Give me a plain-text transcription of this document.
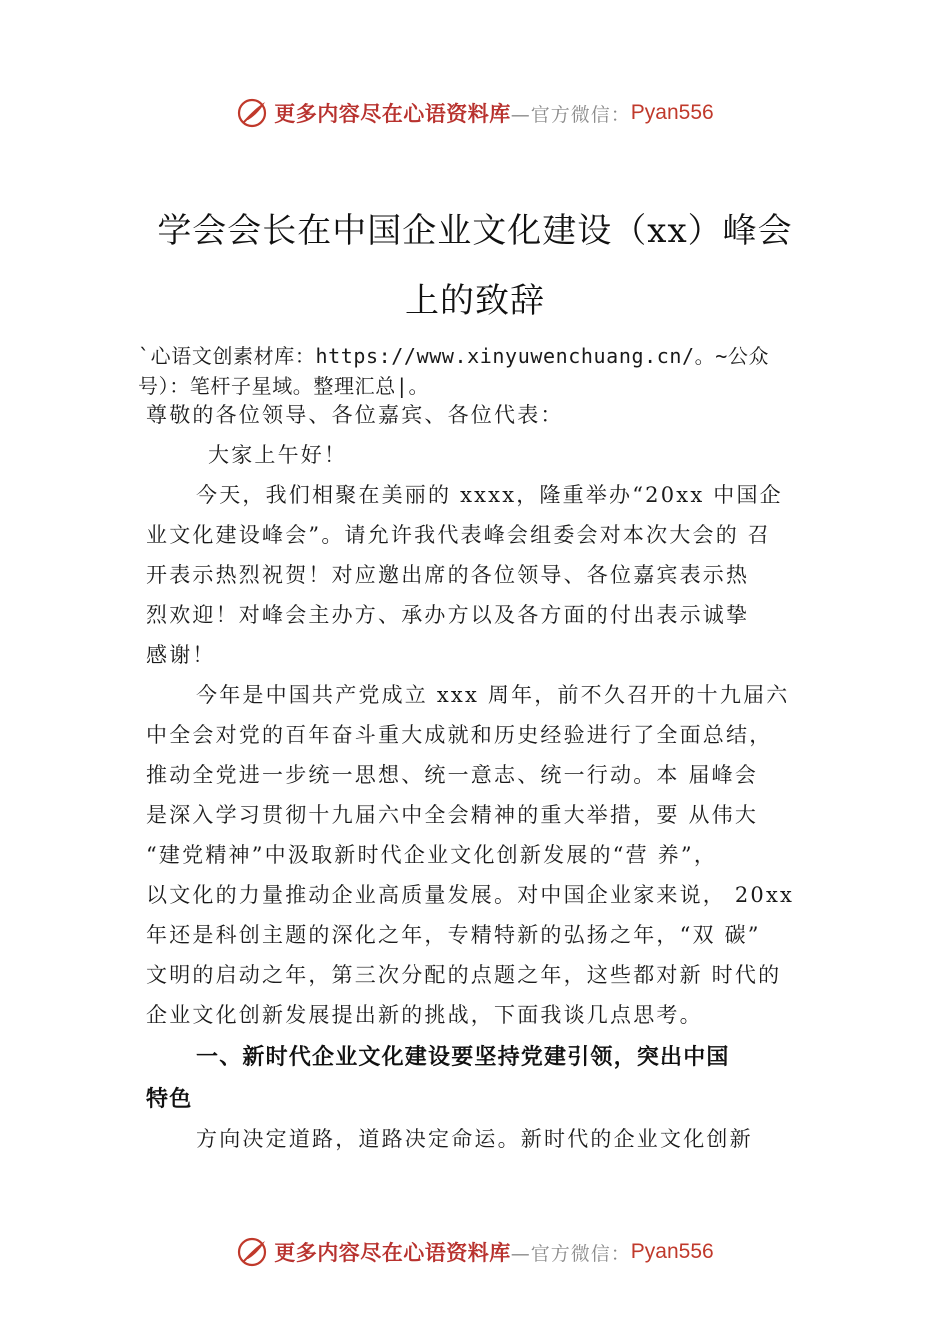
更多内容尽在心语资料库 —官方微信： Pyan556
学会会长在中国企业文化建设（xx）峰会
上的致辞

`心语文创素材库：https://www.xinyuwenchuang.cn/。~公众

号）：笔杆子星域。整理汇总|。

尊敬的各位领导、各位嘉宾、各位代表：

大家上午好！

今天，我们相聚在美丽的 xxxx，隆重举办“20xx 中国企

业文化建设峰会”。请允许我代表峰会组委会对本次大会的 召

开表示热烈祝贺！对应邀出席的各位领导、各位嘉宾表示热

烈欢迎！对峰会主办方、承办方以及各方面的付出表示诚挚

感谢！

今年是中国共产党成立 xxx 周年，前不久召开的十九届六

中全会对党的百年奋斗重大成就和历史经验进行了全面总结，

推动全党进一步统一思想、统一意志、统一行动。本 届峰会

是深入学习贯彻十九届六中全会精神的重大举措，要 从伟大

“建党精神”中汲取新时代企业文化创新发展的“营 养”，

以文化的力量推动企业高质量发展。对中国企业家来说， 20xx

年还是科创主题的深化之年，专精特新的弘扬之年，“双 碳”

文明的启动之年，第三次分配的点题之年，这些都对新 时代的

企业文化创新发展提出新的挑战，下面我谈几点思考。

一、新时代企业文化建设要坚持党建引领，突出中国

特色

方向决定道路，道路决定命运。新时代的企业文化创新

更多内容尽在心语资料库 —官方微信： Pyan556
